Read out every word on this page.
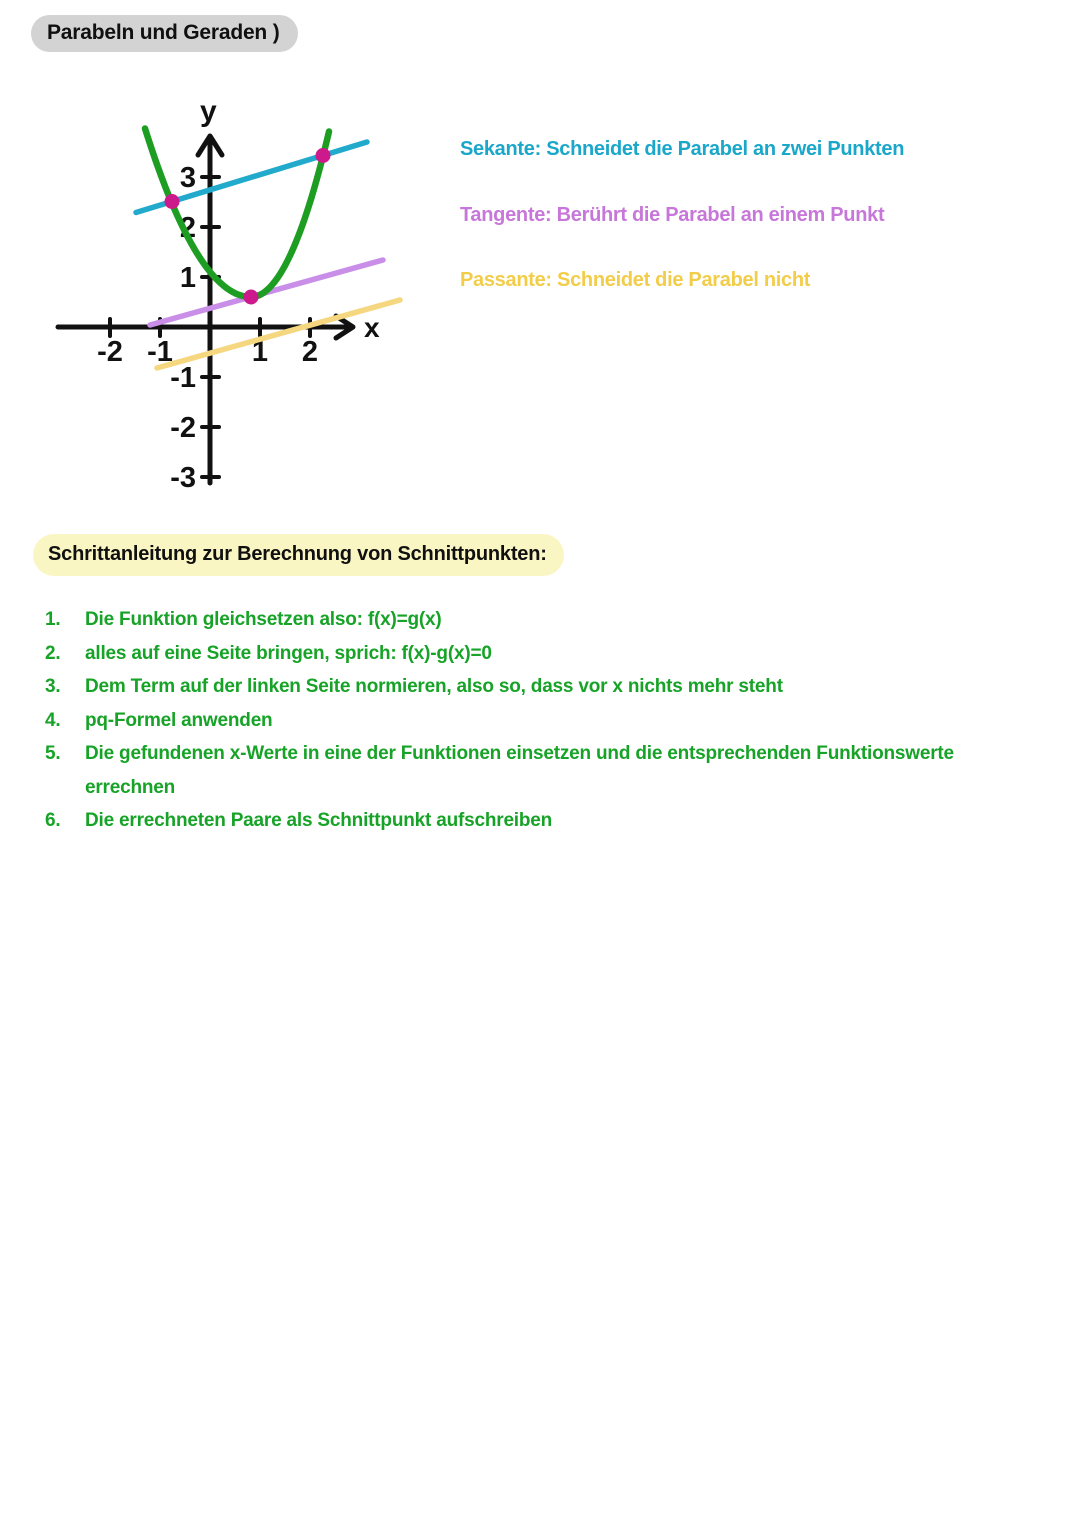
Parabeln und Geraden )
x
y
-2 -1	1 2
3
2
1
-1
-2
-3
Sekante: Schneidet die Parabel an zwei Punkten
Tangente: Berührt die Parabel an einem Punkt
Passante: Schneidet die Parabel nicht
Schrittanleitung zur Berechnung von Schnittpunkten:
1.	Die Funktion gleichsetzen also: f(x)=g(x)
2.	alles auf eine Seite bringen, sprich: f(x)-g(x)=0
3.	Dem Term auf der linken Seite normieren, also so, dass vor x nichts mehr steht
4.	pq-Formel anwenden
5.	Die gefundenen x-Werte in eine der Funktionen einsetzen und die entsprechenden Funktionswerte errechnen
6.	Die errechneten Paare als Schnittpunkt aufschreiben
